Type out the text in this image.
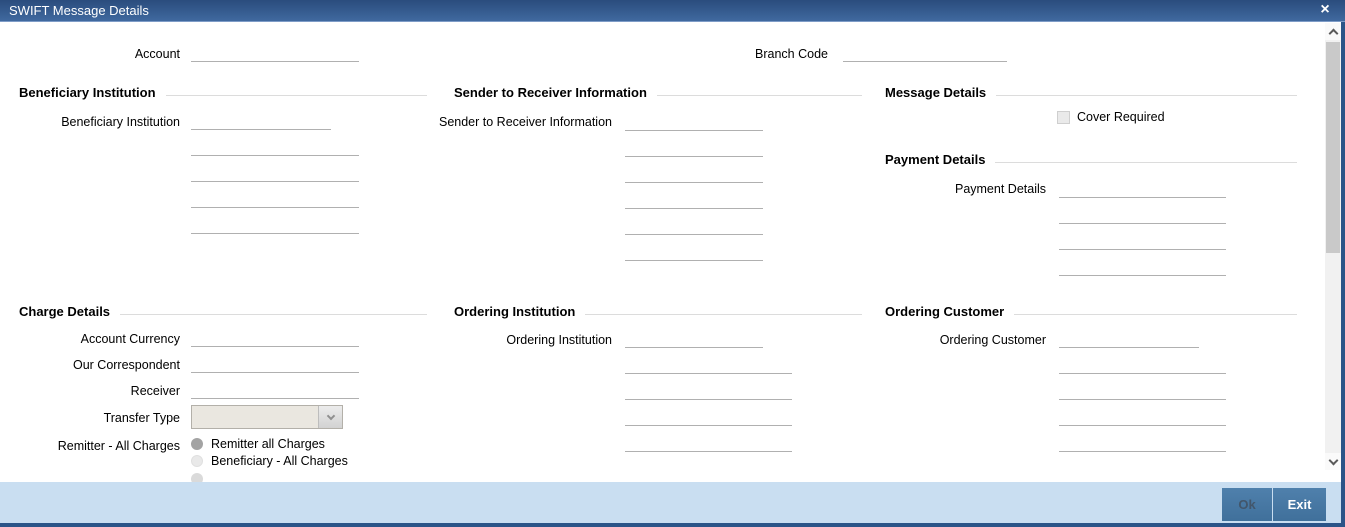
SWIFT Message Details	×
Account	Branch Code
Beneficiary Institution
Beneficiary Institution
Sender to Receiver Information
Sender to Receiver Information
Message Details
Cover Required
Payment Details
Payment Details
Charge Details
Account Currency
Our Correspondent
Receiver
Transfer Type
Remitter - All Charges Remitter all Charges
Beneficiary - All Charges
Ordering Institution
Ordering Institution
Ordering Customer
Ordering Customer
Ok	Exit
